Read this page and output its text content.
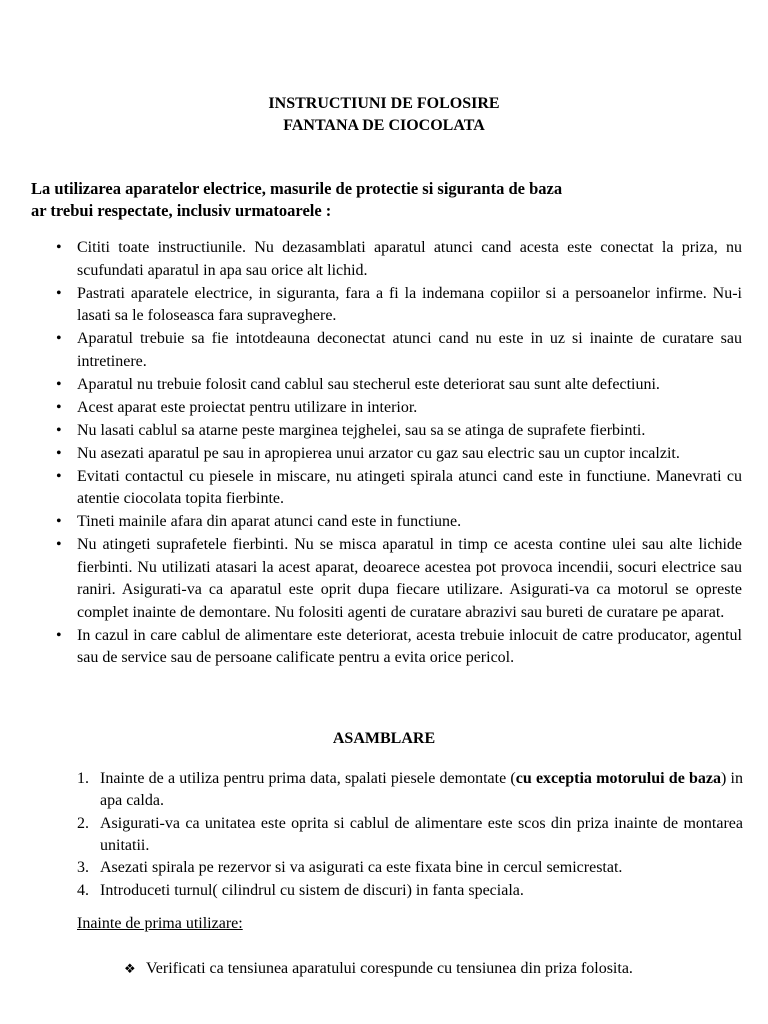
INSTRUCTIUNI DE FOLOSIRE
FANTANA DE CIOCOLATA
La utilizarea aparatelor electrice, masurile de protectie si siguranta de baza
ar trebui respectate, inclusiv urmatoarele :
• Cititi toate instructiunile. Nu dezasamblati aparatul atunci cand acesta este conectat la priza, nu scufundati aparatul in apa sau orice alt lichid.
• Pastrati aparatele electrice, in siguranta, fara a fi la indemana copiilor si a persoanelor infirme. Nu-i lasati sa le foloseasca fara supraveghere.
• Aparatul trebuie sa fie intotdeauna deconectat atunci cand nu este in uz si inainte de curatare sau intretinere.
• Aparatul nu trebuie folosit cand cablul sau stecherul este deteriorat sau sunt alte defectiuni.
• Acest aparat este proiectat pentru utilizare in interior.
• Nu lasati cablul sa atarne peste marginea tejghelei, sau sa se atinga de suprafete fierbinti.
• Nu asezati aparatul pe sau in apropierea unui arzator cu gaz sau electric sau un cuptor incalzit.
• Evitati contactul cu piesele in miscare, nu atingeti spirala atunci cand este in functiune. Manevrati cu atentie ciocolata topita fierbinte.
• Tineti mainile afara din aparat atunci cand este in functiune.
• Nu atingeti suprafetele fierbinti. Nu se misca aparatul in timp ce acesta contine ulei sau alte lichide fierbinti. Nu utilizati atasari la acest aparat, deoarece acestea pot provoca incendii, socuri electrice sau raniri. Asigurati-va ca aparatul este oprit dupa fiecare utilizare. Asigurati-va ca motorul se opreste complet inainte de demontare. Nu folositi agenti de curatare abrazivi sau bureti de curatare pe aparat.
• In cazul in care cablul de alimentare este deteriorat, acesta trebuie inlocuit de catre producator, agentul sau de service sau de persoane calificate pentru a evita orice pericol.
ASAMBLARE
1. Inainte de a utiliza pentru prima data, spalati piesele demontate (cu exceptia motorului de baza) in apa calda.
2. Asigurati-va ca unitatea este oprita si cablul de alimentare este scos din priza inainte de montarea unitatii.
3. Asezati spirala pe rezervor si va asigurati ca este fixata bine in cercul semicrestat.
4. Introduceti turnul( cilindrul cu sistem de discuri) in fanta speciala.
Inainte de prima utilizare:
❖ Verificati ca tensiunea aparatului corespunde cu tensiunea din priza folosita.
